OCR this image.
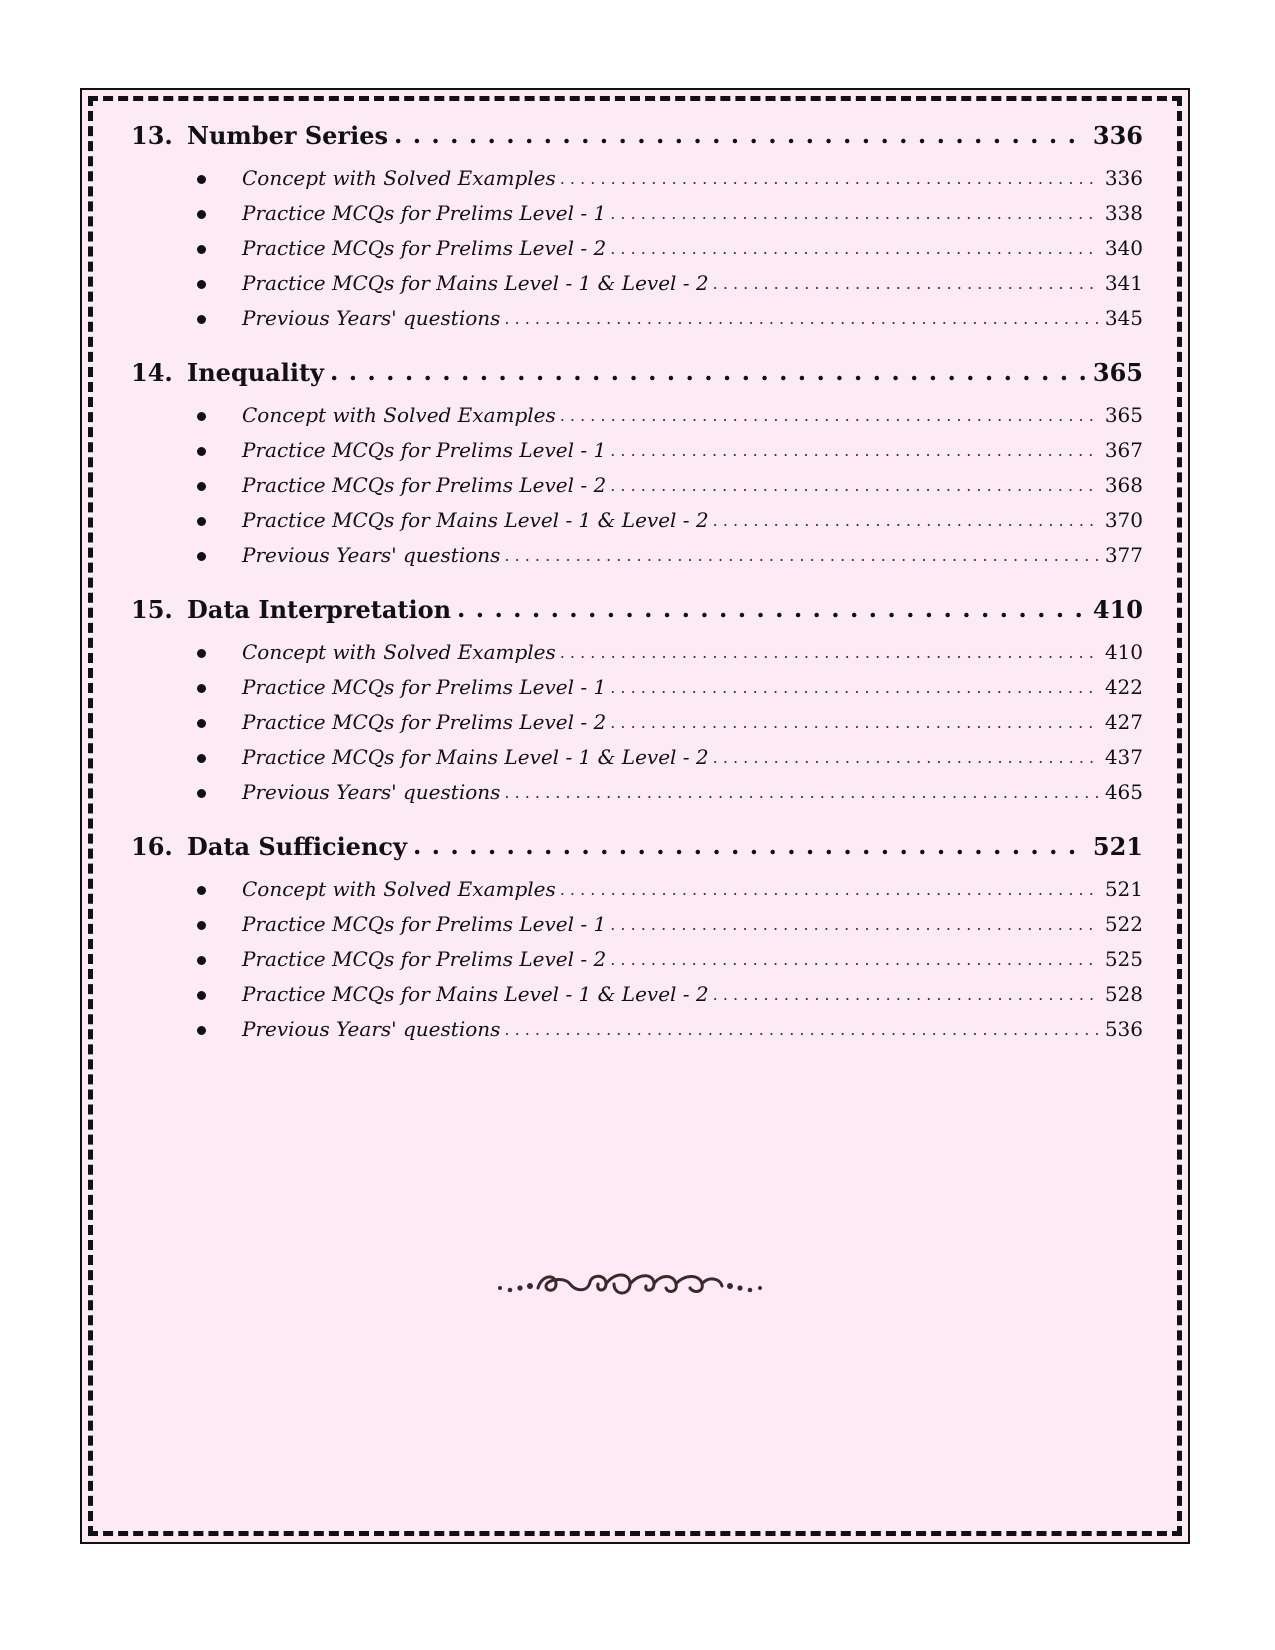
13. Number Series . . .	336
Concept with Solved Examples . . .	336
Practice MCQs for Prelims Level - 1 . . .	338
Practice MCQs for Prelims Level - 2 . . .	340
Practice MCQs for Mains Level - 1 & Level - 2 . . .	341
Previous Years' questions . . .	345
14. Inequality . . .	365
Concept with Solved Examples . . .	365
Practice MCQs for Prelims Level - 1 . . .	367
Practice MCQs for Prelims Level - 2 . . .	368
Practice MCQs for Mains Level - 1 & Level - 2 . . .	370
Previous Years' questions . . .	377
15. Data Interpretation . . .	410
Concept with Solved Examples . . .	410
Practice MCQs for Prelims Level - 1 . . .	422
Practice MCQs for Prelims Level - 2 . . .	427
Practice MCQs for Mains Level - 1 & Level - 2 . . .	437
Previous Years' questions . . .	465
16. Data Sufficiency . . .	521
Concept with Solved Examples . . .	521
Practice MCQs for Prelims Level - 1 . . .	522
Practice MCQs for Prelims Level - 2 . . .	525
Practice MCQs for Mains Level - 1 & Level - 2 . . .	528
Previous Years' questions . . .	536
